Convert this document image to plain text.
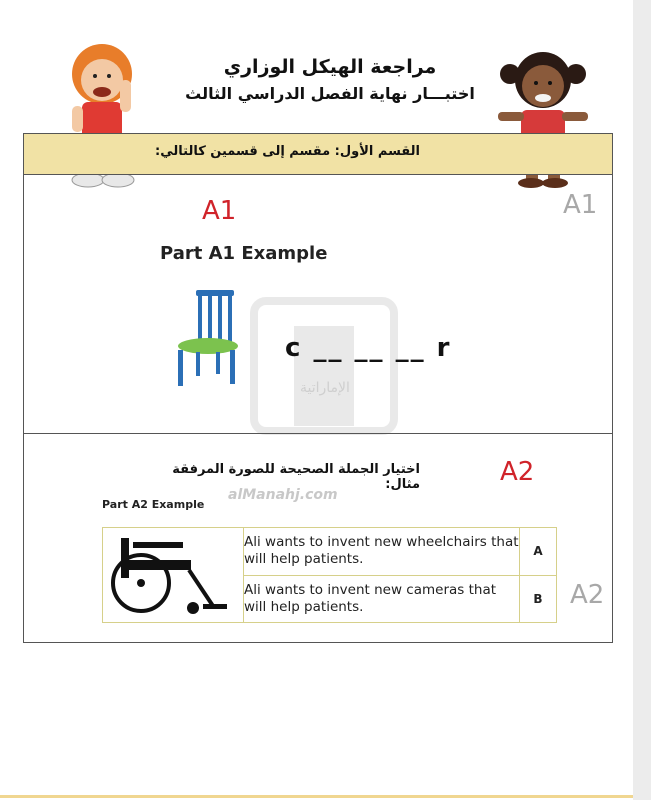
مراجعة الهيكل الوزاري
اختبـــار نهاية الفصل الدراسي الثالث
القسم الأول: مقسم إلى قسمين كالتالي:
الإماراتية
alManahj.com
A1	A1
Part A1 Example
c __ __ __ r
A2
اختيار الجملة الصحيحة للصورة المرفقة مثال:
Part A2 Example
	Ali wants to invent new wheelchairs that will help patients.	A
	Ali wants to invent new cameras that will help patients.	B A2
